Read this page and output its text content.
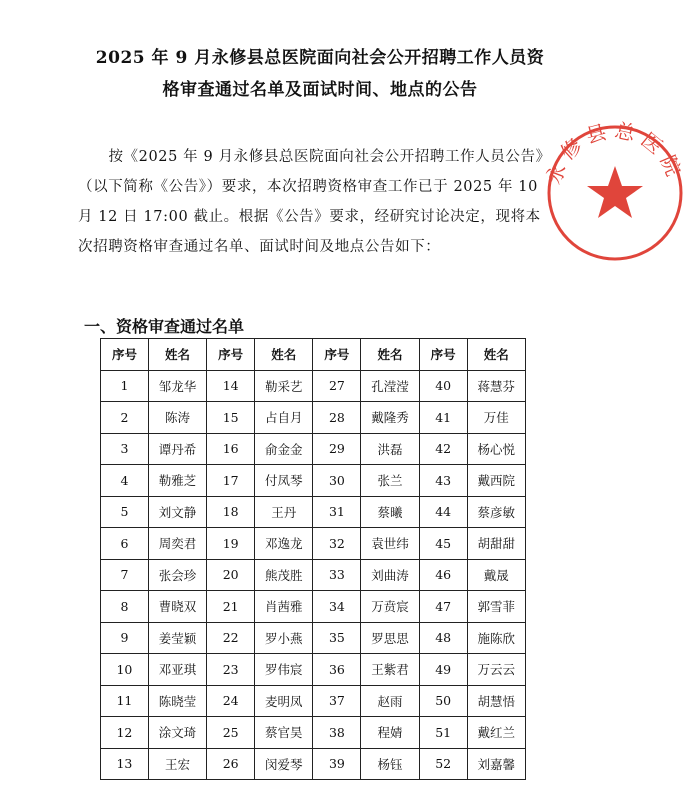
2025 年 9 月永修县总医院面向社会公开招聘工作人员资
格审查通过名单及面试时间、地点的公告
按《2025 年 9 月永修县总医院面向社会公开招聘工作人员公告》（以下简称《公告》）要求，本次招聘资格审查工作已于 2025 年 10 月 12 日 17:00 截止。根据《公告》要求，经研究讨论决定，现将本次招聘资格审查通过名单、面试时间及地点公告如下：
一、资格审查通过名单
序号	姓名	序号	姓名	序号	姓名	序号	姓名
1	邹龙华	14	勒采艺	27	孔滢滢	40	蒋慧芬
2	陈涛	15	占自月	28	戴隆秀	41	万佳
3	谭丹希	16	俞金金	29	洪磊	42	杨心悦
4	勒雅芝	17	付凤琴	30	张兰	43	戴西院
5	刘文静	18	王丹	31	蔡曦	44	蔡彦敏
6	周奕君	19	邓逸龙	32	袁世纬	45	胡甜甜
7	张会珍	20	熊茂胜	33	刘曲涛	46	戴晟
8	曹晓双	21	肖茜雅	34	万贲宸	47	郭雪菲
9	姜莹颖	22	罗小燕	35	罗思思	48	施陈欣
10	邓亚琪	23	罗伟宸	36	王紫君	49	万云云
11	陈晓莹	24	麦明凤	37	赵雨	50	胡慧悟
12	涂文琦	25	蔡官昊	38	程婧	51	戴红兰
13	王宏	26	闵爱琴	39	杨钰	52	刘嘉馨
永修县总医院
